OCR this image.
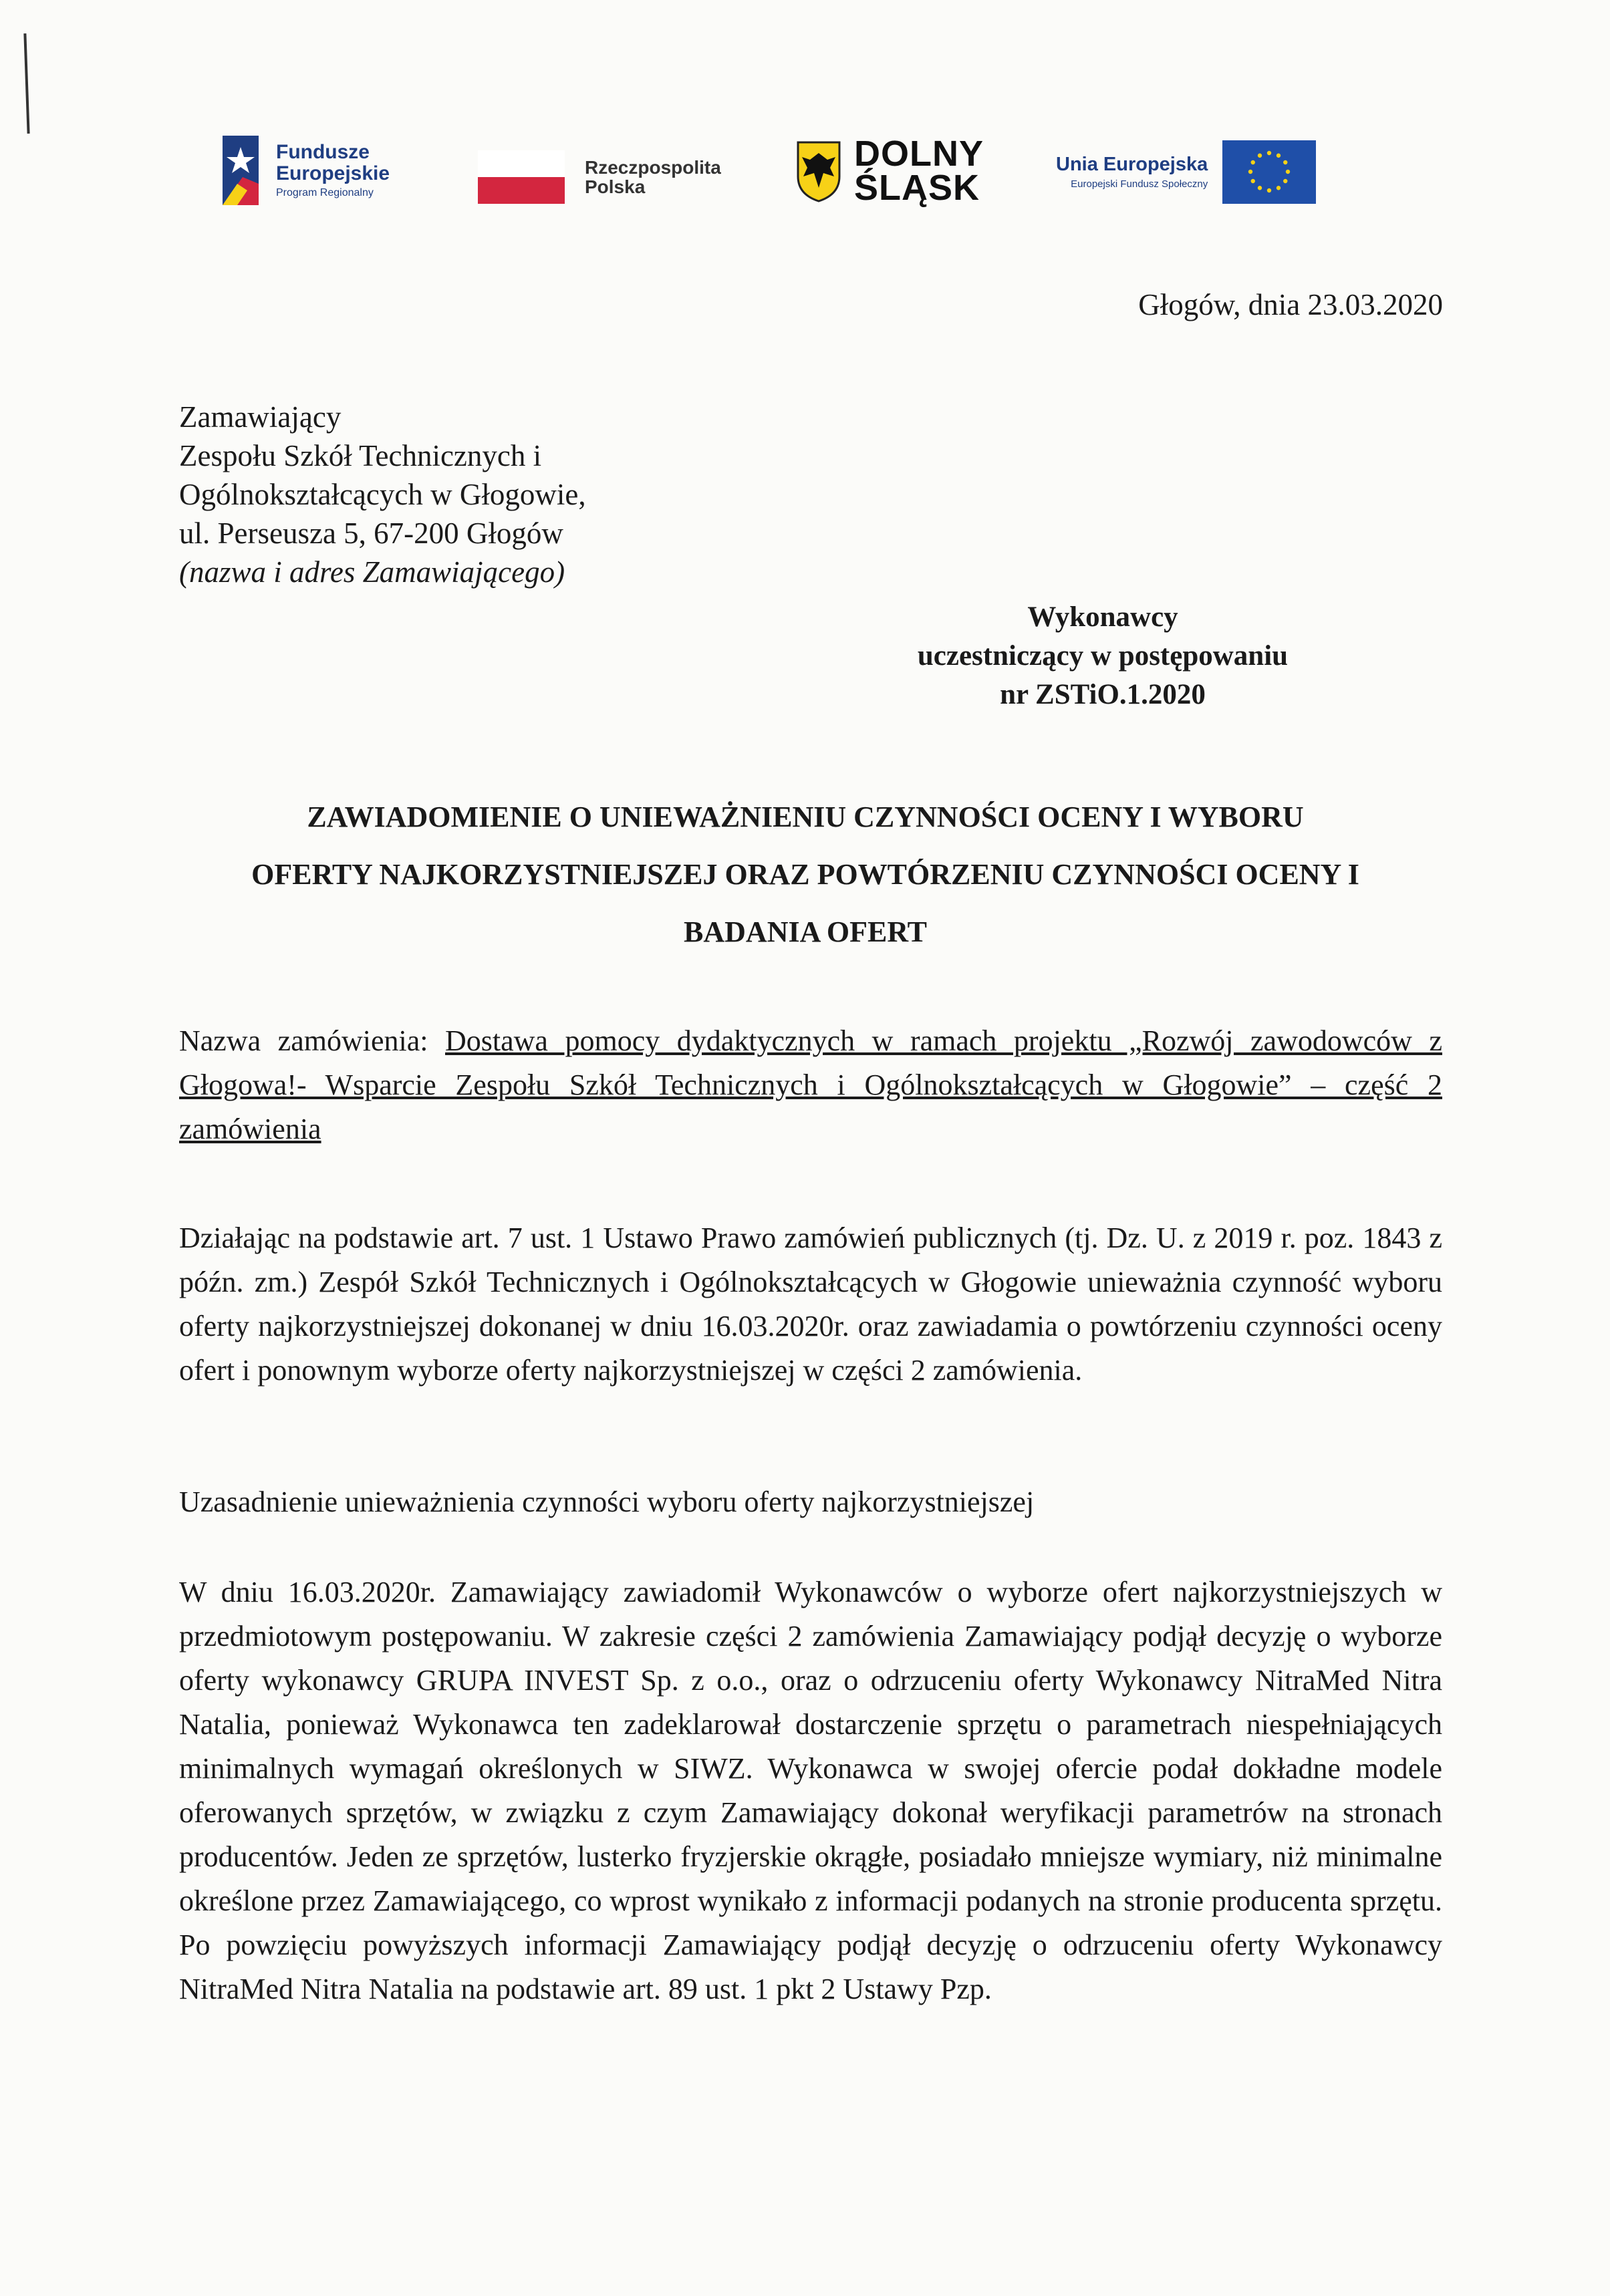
Fundusze
Europejskie
Program Regionalny
Rzeczpospolita
Polska
DOLNY
ŚLĄSK
Unia Europejska
Europejski Fundusz Społeczny
Głogów, dnia 23.03.2020
Zamawiający
Zespołu Szkół Technicznych i
Ogólnokształcących w Głogowie,
ul. Perseusza 5, 67-200 Głogów
(nazwa i adres Zamawiającego)
Wykonawcy
uczestniczący w postępowaniu
nr ZSTiO.1.2020
ZAWIADOMIENIE O UNIEWAŻNIENIU CZYNNOŚCI OCENY I WYBORU
OFERTY NAJKORZYSTNIEJSZEJ ORAZ POWTÓRZENIU CZYNNOŚCI OCENY I
BADANIA OFERT
Nazwa zamówienia: Dostawa pomocy dydaktycznych w ramach projektu „Rozwój zawodowców z Głogowa!- Wsparcie Zespołu Szkół Technicznych i Ogólnokształcących w Głogowie” – część 2 zamówienia
Działając na podstawie art. 7 ust. 1 Ustawo Prawo zamówień publicznych (tj. Dz. U. z 2019 r. poz. 1843 z późn. zm.) Zespół Szkół Technicznych i Ogólnokształcących w Głogowie unieważnia czynność wyboru oferty najkorzystniejszej dokonanej w dniu 16.03.2020r. oraz zawiadamia o powtórzeniu czynności oceny ofert i ponownym wyborze oferty najkorzystniejszej w części 2 zamówienia.
Uzasadnienie unieważnienia czynności wyboru oferty najkorzystniejszej
W dniu 16.03.2020r. Zamawiający zawiadomił Wykonawców o wyborze ofert najkorzystniejszych w przedmiotowym postępowaniu. W zakresie części 2 zamówienia Zamawiający podjął decyzję o wyborze oferty wykonawcy GRUPA INVEST Sp. z o.o., oraz o odrzuceniu oferty Wykonawcy NitraMed Nitra Natalia, ponieważ Wykonawca ten zadeklarował dostarczenie sprzętu o parametrach niespełniających minimalnych wymagań określonych w SIWZ. Wykonawca w swojej ofercie podał dokładne modele oferowanych sprzętów, w związku z czym Zamawiający dokonał weryfikacji parametrów na stronach producentów. Jeden ze sprzętów, lusterko fryzjerskie okrągłe, posiadało mniejsze wymiary, niż minimalne określone przez Zamawiającego, co wprost wynikało z informacji podanych na stronie producenta sprzętu. Po powzięciu powyższych informacji Zamawiający podjął decyzję o odrzuceniu oferty Wykonawcy NitraMed Nitra Natalia na podstawie art. 89 ust. 1 pkt 2 Ustawy Pzp.
